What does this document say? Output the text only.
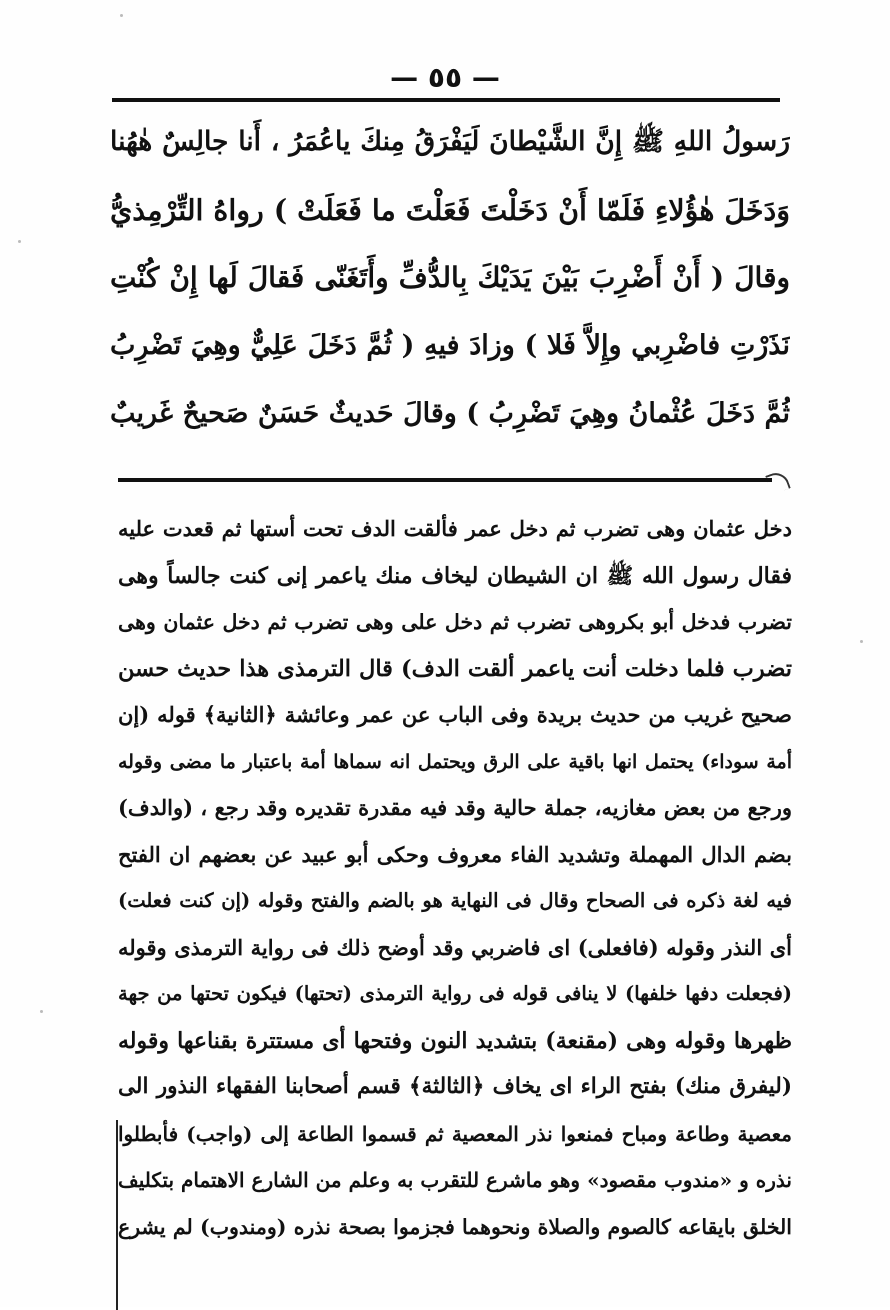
— ٥٥ —
رَسولُ اللهِ ﷺ إِنَّ الشَّيْطانَ لَيَفْرَقُ مِنكَ ياعُمَرُ ، أَنا جالِسٌ هٰهُنا
وَدَخَلَ هٰؤُلاءِ فَلَمّا أَنْ دَخَلْتَ فَعَلْتَ ما فَعَلَتْ ) رواهُ التِّرْمِذيُّ
وقالَ ( أَنْ أَضْرِبَ بَيْنَ يَدَيْكَ بِالدُّفِّ وأَتَغَنّى فَقالَ لَها إِنْ كُنْتِ
نَذَرْتِ فاضْرِبي وإِلاَّ فَلا ) وزادَ فيهِ ( ثُمَّ دَخَلَ عَلِيٌّ وهِيَ تَضْرِبُ
ثُمَّ دَخَلَ عُثْمانُ وهِيَ تَضْرِبُ ) وقالَ حَديثٌ حَسَنٌ صَحيحٌ غَريبٌ
دخل عثمان وهى تضرب ثم دخل عمر فألقت الدف تحت أستها ثم قعدت عليه
فقال رسول الله ﷺ ان الشيطان ليخاف منك ياعمر إنى كنت جالساً وهى
تضرب فدخل أبو بكروهى تضرب ثم دخل على وهى تضرب ثم دخل عثمان وهى
تضرب فلما دخلت أنت ياعمر ألقت الدف) قال الترمذى هذا حديث حسن
صحيح غريب من حديث بريدة وفى الباب عن عمر وعائشة ﴿الثانية﴾ قوله (إن
أمة سوداء) يحتمل انها باقية على الرق ويحتمل انه سماها أمة باعتبار ما مضى وقوله
ورجع من بعض مغازيه، جملة حالية وقد فيه مقدرة تقديره وقد رجع ، (والدف)
بضم الدال المهملة وتشديد الفاء معروف وحكى أبو عبيد عن بعضهم ان الفتح
فيه لغة ذكره فى الصحاح وقال فى النهاية هو بالضم والفتح وقوله (إن كنت فعلت)
أى النذر وقوله (فافعلى) اى فاضربي وقد أوضح ذلك فى رواية الترمذى وقوله
(فجعلت دفها خلفها) لا ينافى قوله فى رواية الترمذى (تحتها) فيكون تحتها من جهة
ظهرها وقوله وهى (مقنعة) بتشديد النون وفتحها أى مستترة بقناعها وقوله
(ليفرق منك) بفتح الراء اى يخاف ﴿الثالثة﴾ قسم أصحابنا الفقهاء النذور الى
معصية وطاعة ومباح فمنعوا نذر المعصية ثم قسموا الطاعة إلى (واجب) فأبطلوا
نذره و «مندوب مقصود» وهو ماشرع للتقرب به وعلم من الشارع الاهتمام بتكليف
الخلق بايقاعه كالصوم والصلاة ونحوهما فجزموا بصحة نذره (ومندوب) لم يشرع
